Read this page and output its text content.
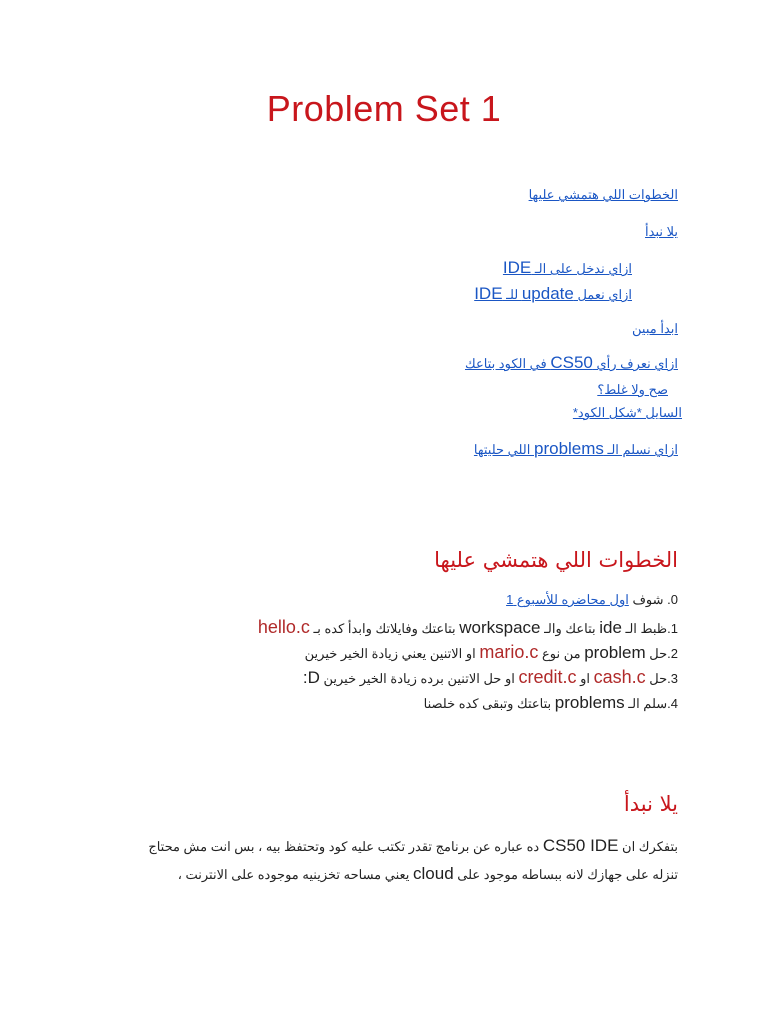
Problem Set 1
الخطوات اللي هتمشي عليها
يلا نبدأ
ازاي ندخل على الـ IDE
ازاي نعمل update للـ IDE
ابدأ مبين
ازاي نعرف رأي CS50 في الكود بتاعك
صح ولا غلط؟
السايل *شكل الكود*
ازاي نسلم الـ problems اللي حليتها
الخطوات اللي هتمشي عليها
0. شوف اول محاضره للأسبوع 1
1.ظبط الـ ide بتاعك والـ workspace بتاعتك وفايلاتك وابدأ كده بـ hello.c
2.حل problem من نوع mario.c او الاتنين يعني زيادة الخير خيرين
3.حل cash.c او credit.c او حل الاتنين برده زيادة الخير خيرين D:
4.سلم الـ problems بتاعتك وتبقى كده خلصنا
يلا نبدأ
بتفكرك ان CS50 IDE ده عباره عن برنامج تقدر تكتب عليه كود وتحتفظ بيه ، بس انت مش محتاج
تنزله على جهازك لانه ببساطه موجود على cloud يعني مساحه تخزينيه موجوده على الانترنت ،
